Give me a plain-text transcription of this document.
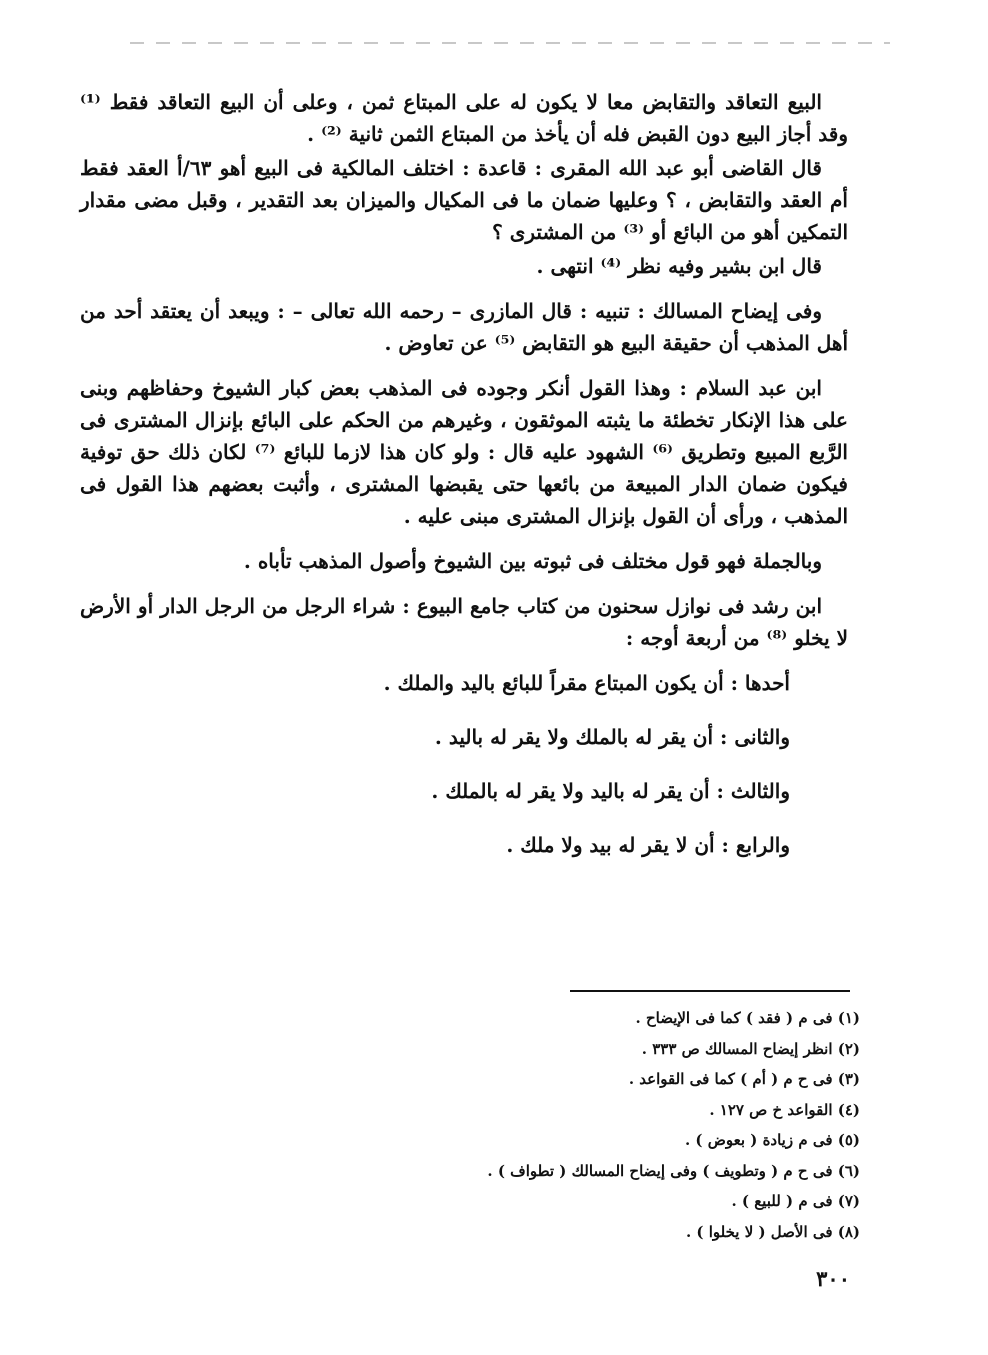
البيع التعاقد والتقابض معا لا يكون له على المبتاع ثمن ، وعلى أن البيع التعاقد فقط ⁽¹⁾ وقد أجاز البيع دون القبض فله أن يأخذ من المبتاع الثمن ثانية ⁽²⁾ .

قال القاضى أبو عبد الله المقرى : قاعدة : اختلف المالكية فى البيع أهو ٦٣/أ العقد فقط أم العقد والتقابض ، ؟ وعليها ضمان ما فى المكيال والميزان بعد التقدير ، وقبل مضى مقدار التمكين أهو من البائع أو ⁽³⁾ من المشترى ؟

قال ابن بشير وفيه نظر ⁽⁴⁾ انتهى .

وفى إيضاح المسالك : تنبيه : قال المازرى – رحمه الله تعالى – : ويبعد أن يعتقد أحد من أهل المذهب أن حقيقة البيع هو التقابض ⁽⁵⁾ عن تعاوض .

ابن عبد السلام : وهذا القول أنكر وجوده فى المذهب بعض كبار الشيوخ وحفاظهم وبنى على هذا الإنكار تخطئة ما يثبته الموثقون ، وغيرهم من الحكم على البائع بإنزال المشترى فى الرَّبع المبيع وتطريق ⁽⁶⁾ الشهود عليه قال : ولو كان هذا لازما للبائع ⁽⁷⁾ لكان ذلك حق توفية فيكون ضمان الدار المبيعة من بائعها حتى يقبضها المشترى ، وأثبت بعضهم هذا القول فى المذهب ، ورأى أن القول بإنزال المشترى مبنى عليه .

وبالجملة فهو قول مختلف فى ثبوته بين الشيوخ وأصول المذهب تأباه .

ابن رشد فى نوازل سحنون من كتاب جامع البيوع : شراء الرجل من الرجل الدار أو الأرض لا يخلو ⁽⁸⁾ من أربعة أوجه :

أحدها : أن يكون المبتاع مقراً للبائع باليد والملك .

والثانى : أن يقر له بالملك ولا يقر له باليد .

والثالث : أن يقر له باليد ولا يقر له بالملك .

والرابع : أن لا يقر له بيد ولا ملك .

(١) فى م ( فقد ) كما فى الإيضاح .
(٢) انظر إيضاح المسالك ص ٣٣٣ .
(٣) فى ح م ( أم ) كما فى القواعد .
(٤) القواعد خ ص ١٢٧ .
(٥) فى م زيادة ( بعوض ) .
(٦) فى ح م ( وتطويف ) وفى إيضاح المسالك ( تطواف ) .
(٧) فى م ( للبيع ) .
(٨) فى الأصل ( لا يخلوا ) .
٣٠٠
